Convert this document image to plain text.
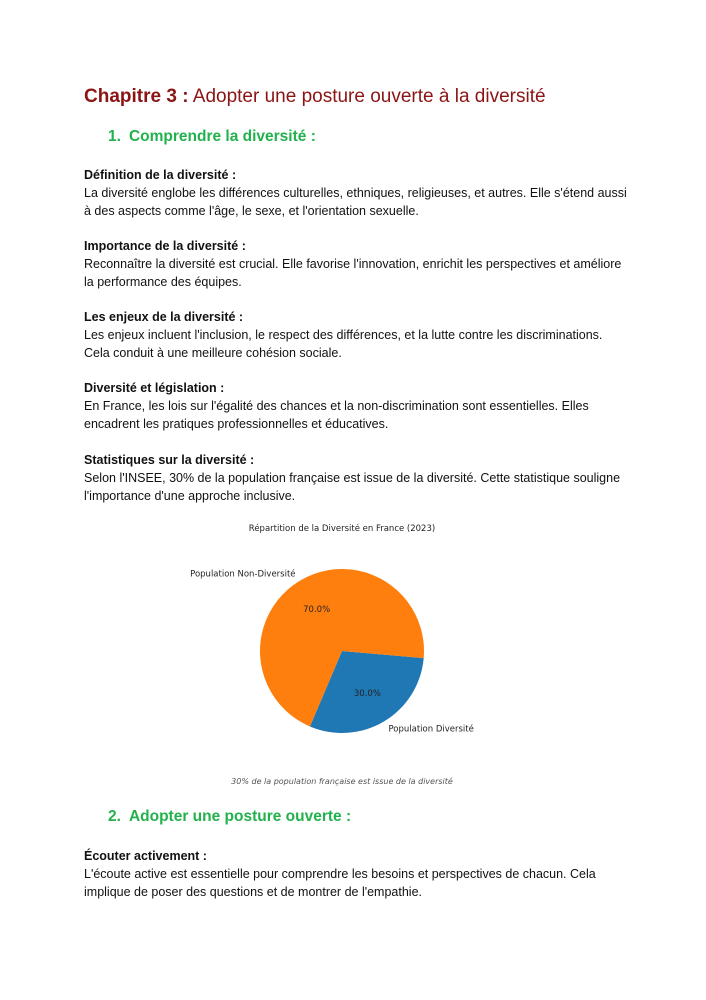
Chapitre 3 : Adopter une posture ouverte à la diversité
1. Comprendre la diversité :
Définition de la diversité :
La diversité englobe les différences culturelles, ethniques, religieuses, et autres. Elle s'étend aussi à des aspects comme l'âge, le sexe, et l'orientation sexuelle.
Importance de la diversité :
Reconnaître la diversité est crucial. Elle favorise l'innovation, enrichit les perspectives et améliore la performance des équipes.
Les enjeux de la diversité :
Les enjeux incluent l'inclusion, le respect des différences, et la lutte contre les discriminations. Cela conduit à une meilleure cohésion sociale.
Diversité et législation :
En France, les lois sur l'égalité des chances et la non-discrimination sont essentielles. Elles encadrent les pratiques professionnelles et éducatives.
Statistiques sur la diversité :
Selon l'INSEE, 30% de la population française est issue de la diversité. Cette statistique souligne l'importance d'une approche inclusive.
Répartition de la Diversité en France (2023)
30.0%
Population Diversité
70.0%
Population Non-Diversité
30% de la population française est issue de la diversité
2. Adopter une posture ouverte :
Écouter activement :
L'écoute active est essentielle pour comprendre les besoins et perspectives de chacun. Cela implique de poser des questions et de montrer de l'empathie.
